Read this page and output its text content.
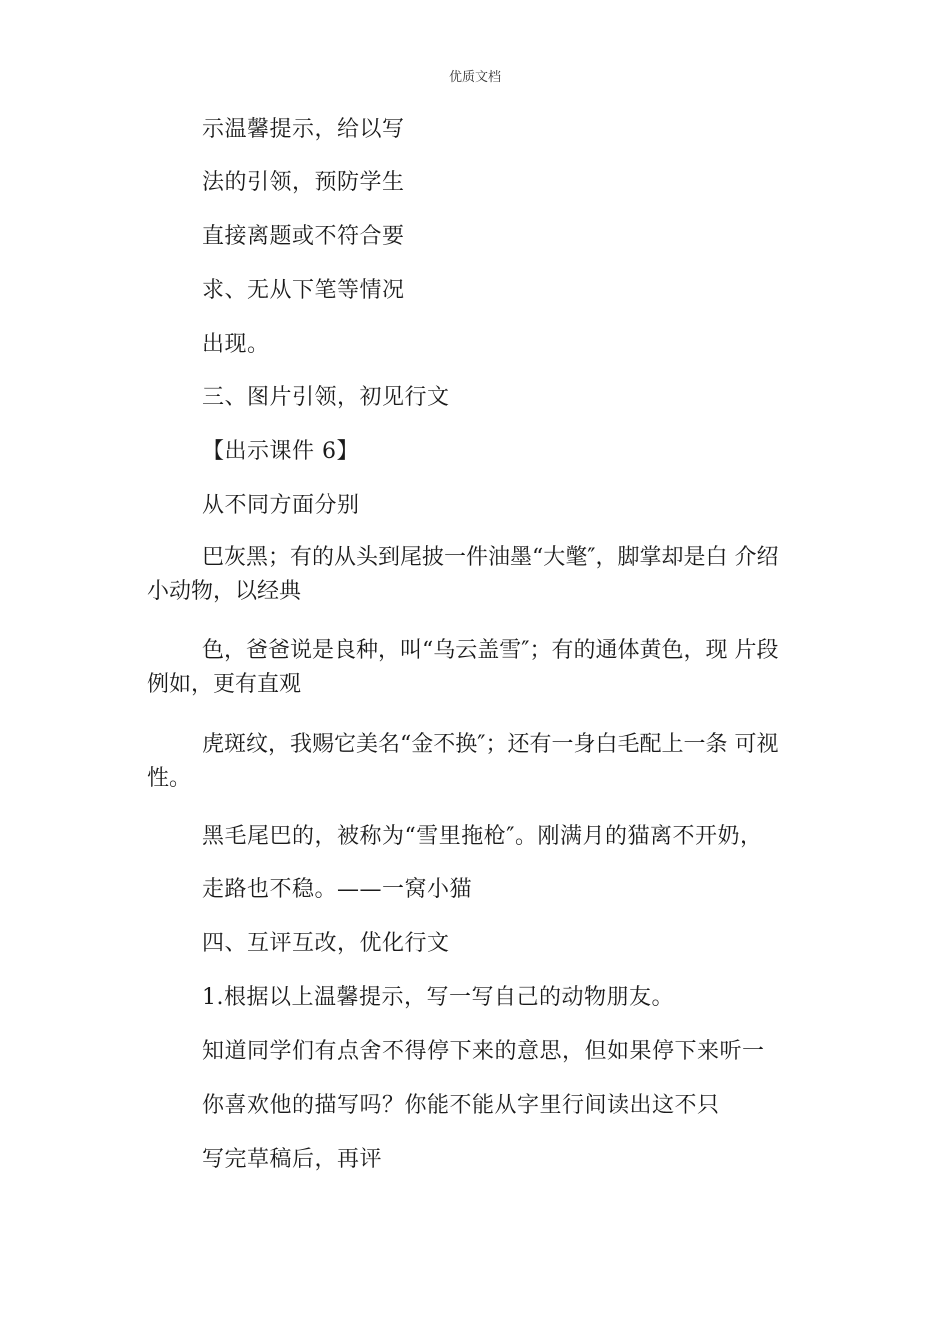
优质文档
示温馨提示，给以写
法的引领，预防学生
直接离题或不符合要
求、无从下笔等情况
出现。
三、图片引领，初见行文
【出示课件 6】
从不同方面分别
巴灰黑；有的从头到尾披一件油墨“大氅″，脚掌却是白 介绍
小动物，以经典
色，爸爸说是良种，叫“乌云盖雪″；有的通体黄色，现 片段
例如，更有直观
虎斑纹，我赐它美名“金不换″；还有一身白毛配上一条 可视
性。
黑毛尾巴的，被称为“雪里拖枪″。刚满月的猫离不开奶，
走路也不稳。——一窝小猫
四、互评互改，优化行文
1.根据以上温馨提示，写一写自己的动物朋友。
知道同学们有点舍不得停下来的意思，但如果停下来听一
你喜欢他的描写吗？你能不能从字里行间读出这不只
写完草稿后，再评
